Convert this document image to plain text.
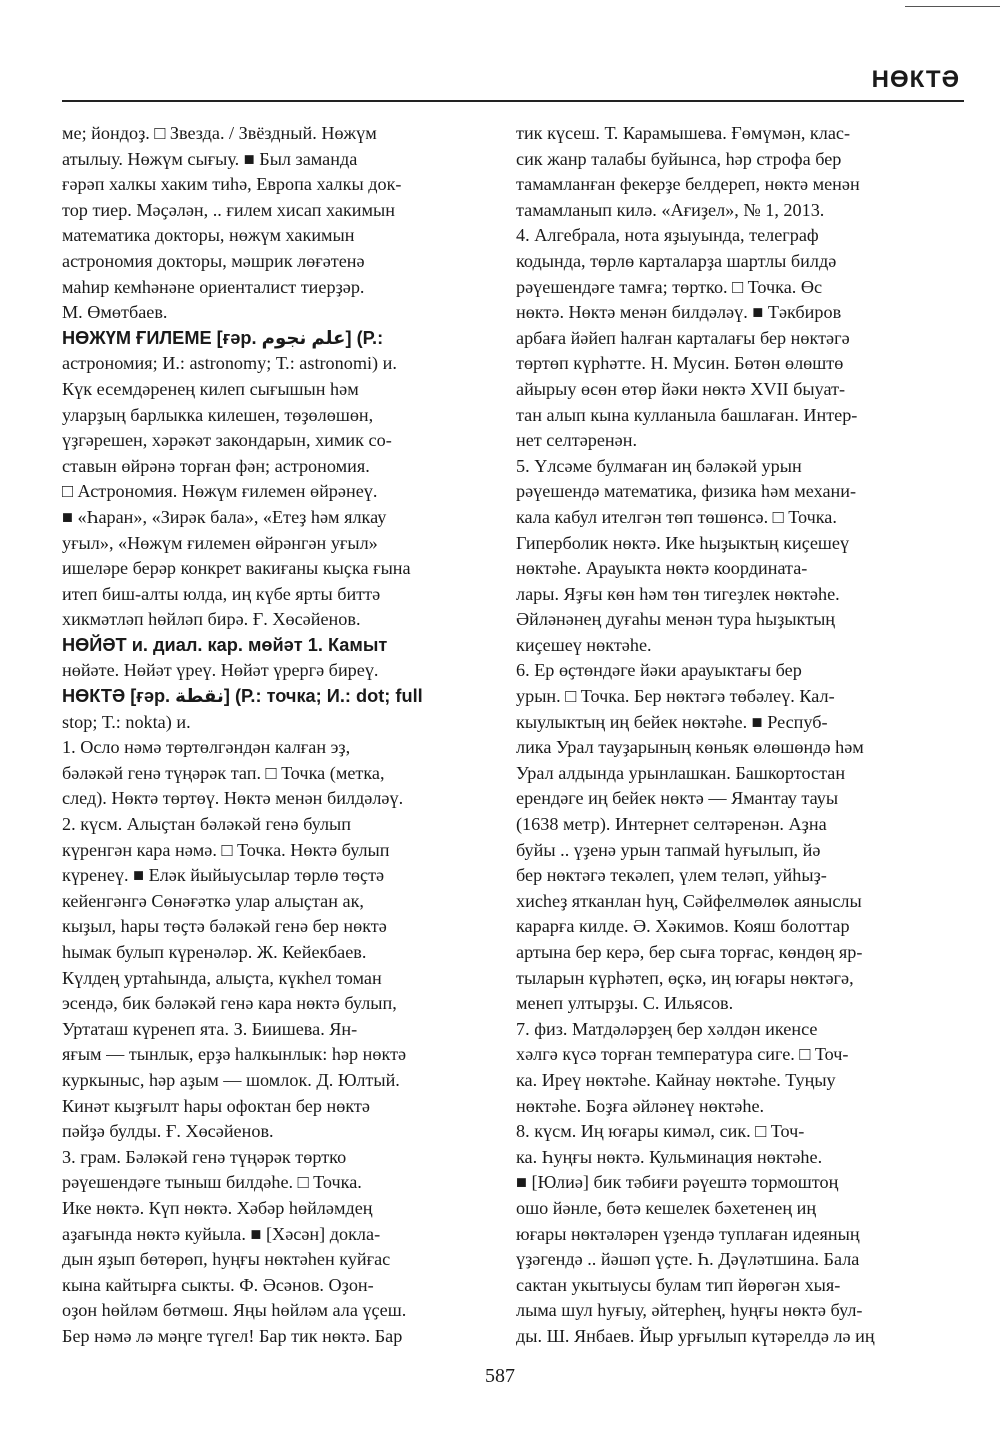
НӨКТӘ
ме; йондоҙ. □ Звезда. / Звёздный. Нөжүм
атылыу. Нөжүм сығыу. ■ Был заманда
ғәрәп халкы хаким тиһә, Европа халкы док-
тор тиер. Мәҫәлән, .. ғилем хисап хакимын
математика докторы, нөжүм хакимын
астрономия докторы, мәшрик лөғәтенә
маһир кемһәнәне ориенталист тиерҙәр.
М. Өмөтбаев.
НӨЖҮМ ҒИЛЕМЕ [ғәр. علم نجوم] (Р.:
астрономия; И.: astronomy; Т.: astronomi) и.
Күк есемдәренең килеп сығышын һәм
уларҙың барлыкка килешен, төҙөлөшөн,
үҙгәрешен, хәрәкәт закондарын, химик со-
ставын өйрәнә торған фән; астрономия.
□ Астрономия. Нөжүм ғилемен өйрәнеү.
■ «Һаран», «Зирәк бала», «Етеҙ һәм ялкау
уғыл», «Нөжүм ғилемен өйрәнгән уғыл»
ишеләре берәр конкрет вакиғаны кыҫка ғына
итеп биш-алты юлда, иң күбе ярты биттә
хикмәтләп һөйләп бирә. Ғ. Хөсәйенов.
НӨЙӘТ и. диал. кар. мөйәт 1. Камыт
нөйәте. Нөйәт үреү. Нөйәт үрергә биреү.
НӨКТӘ [ғәр. نقطة] (Р.: точка; И.: dot; full
stop; Т.: nokta) и.
1. Осло нәмә төртөлгәндән калған эҙ,
бәләкәй генә түңәрәк тап. □ Точка (метка,
след). Нөктә төртөү. Нөктә менән билдәләү.
2. күсм. Алыҫтан бәләкәй генә булып
күренгән кара нәмә. □ Точка. Нөктә булып
күренеү. ■ Еләк йыйыусылар төрлө төҫтә
кейенгәнгә Сөнәғәткә улар алыҫтан ак,
кыҙыл, һары төҫтә бәләкәй генә бер нөктә
һымак булып күренәләр. Ж. Кейекбаев.
Күлдең уртаһында, алыҫта, күкһел томан
эсендә, бик бәләкәй генә кара нөктә булып,
Уртаташ күренеп ята. З. Биишева. Ян-
яғым — тынлык, ерҙә һалкынлык: һәр нөктә
куркыныс, һәр аҙым — шомлок. Д. Юлтый.
Кинәт кыҙғылт һары офоктан бер нөктә
пәйҙә булды. Ғ. Хөсәйенов.
3. грам. Бәләкәй генә түңәрәк төртко
рәүешендәге тыныш билдәһе. □ Точка.
Ике нөктә. Күп нөктә. Хәбәр һөйләмдең
аҙағында нөктә куйыла. ■ [Хәсән] доклa-
дын яҙып бөтөрөп, һуңғы нөктәһен куйғас
кына кайтырға сыкты. Ф. Әсәнов. Оҙон-
оҙон һөйләм бөтмөш. Яңы һөйләм ала үҫеш.
Бер нәмә лә мәңге түгел! Бар тик нөктә. Бар
тик күсеш. Т. Карамышева. Ғөмүмән, клас-
сик жанр талабы буйынса, һәр строфа бер
тамамланған фекерҙе белдерeп, нөктә менән
тамамланып килә. «Ағиҙел», № 1, 2013.
4. Алгебрала, нота яҙыуында, телеграф
кодында, төрлө карталарҙа шартлы билдә
рәүешендәге тамға; төртко. □ Точка. Өс
нөктә. Нөктә менән билдәләү. ■ Тәкбиров
арбаға йәйеп һалған карталағы бер нөктәгә
төртөп күрһәтте. Н. Мусин. Бөтөн өлөштө
айырыу өсөн өтөр йәки нөктә XVII быуат-
тан алып кына кулланыла башлаған. Интер-
нет селтәренән.
5. Үлсәме булмаған иң бәләкәй урын
рәүешендә математика, физика һәм механи-
кала кабул ителгән төп төшөнсә. □ Точка.
Гиперболик нөктә. Ике һыҙыктың киҫешеү
нөктәһе. Арауыкта нөктә координата-
лары. Яҙғы көн һәм төн тигеҙлек нөктәһе.
Әйләнәнең дуғаһы менән тура һыҙыктың
киҫешеү нөктәһе.
6. Ер өҫтөндәге йәки арауыктағы бер
урын. □ Точка. Бер нөктәгә төбәлеү. Кал-
кыулыктың иң бейек нөктәһе. ■ Респуб-
лика Урал тауҙарының көньяк өлөшөндә һәм
Урал алдында урынлашкан. Башкортостан
ерендәге иң бейек нөктә — Ямантау тауы
(1638 метр). Интернет селтәренән. Аҙна
буйы .. үҙенә урын тапмай һуғылып, йә
бер нөктәгә текәлеп, үлем теләп, уйһыҙ-
хисһеҙ ятканлан һуң, Сәйфелмөлөк аяныслы
карарға килде. Ә. Хәкимов. Кояш болоттар
артына бер керә, бер сыға торғас, көндөң яр-
тыларын күрһәтеп, өҫкә, иң юғары нөктәгә,
менеп ултырҙы. С. Ильясов.
7. физ. Матдәләрҙең бер хәлдән икенсе
хәлгә күсә торған температура сиге. □ Точ-
ка. Иреү нөктәһе. Кайнау нөктәһе. Туңыу
нөктәһе. Боҙға әйләнеү нөктәһе.
8. күсм. Иң юғары кимәл, сик. □ Точ-
ка. Һуңғы нөктә. Кульминация нөктәһе.
■ [Юлиә] бик тәбиғи рәүештә тормоштоң
ошо йәнле, бөтә кешелек бәхетенең иң
юғары нөктәләрен үҙендә туплаған идеяның
үҙәгендә .. йәшәп үҫте. Һ. Дәүләтшина. Бала
сактан укытыусы булам тип йөрөгән хыя-
лыма шул һуғыу, әйтерһең, һуңғы нөктә бул-
ды. Ш. Янбаев. Йыр урғылып күтәрелдә лә иң
587
